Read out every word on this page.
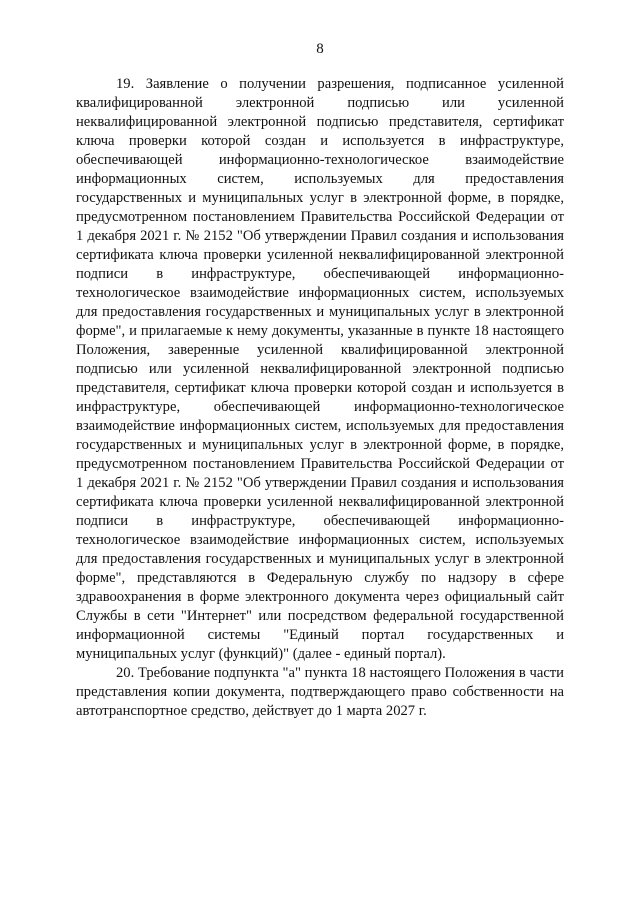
8

19. Заявление о получении разрешения, подписанное усиленной квалифицированной электронной подписью или усиленной неквалифицированной электронной подписью представителя, сертификат ключа проверки которой создан и используется в инфраструктуре, обеспечивающей информационно-технологическое взаимодействие информационных систем, используемых для предоставления государственных и муниципальных услуг в электронной форме, в порядке, предусмотренном постановлением Правительства Российской Федерации от 1 декабря 2021 г. № 2152 "Об утверждении Правил создания и использования сертификата ключа проверки усиленной неквалифицированной электронной подписи в инфраструктуре, обеспечивающей информационно-технологическое взаимодействие информационных систем, используемых для предоставления государственных и муниципальных услуг в электронной форме", и прилагаемые к нему документы, указанные в пункте 18 настоящего Положения, заверенные усиленной квалифицированной электронной подписью или усиленной неквалифицированной электронной подписью представителя, сертификат ключа проверки которой создан и используется в инфраструктуре, обеспечивающей информационно-технологическое взаимодействие информационных систем, используемых для предоставления государственных и муниципальных услуг в электронной форме, в порядке, предусмотренном постановлением Правительства Российской Федерации от 1 декабря 2021 г. № 2152 "Об утверждении Правил создания и использования сертификата ключа проверки усиленной неквалифицированной электронной подписи в инфраструктуре, обеспечивающей информационно-технологическое взаимодействие информационных систем, используемых для предоставления государственных и муниципальных услуг в электронной форме", представляются в Федеральную службу по надзору в сфере здравоохранения в форме электронного документа через официальный сайт Службы в сети "Интернет" или посредством федеральной государственной информационной системы "Единый портал государственных и муниципальных услуг (функций)" (далее - единый портал).

20. Требование подпункта "а" пункта 18 настоящего Положения в части представления копии документа, подтверждающего право собственности на автотранспортное средство, действует до 1 марта 2027 г.
